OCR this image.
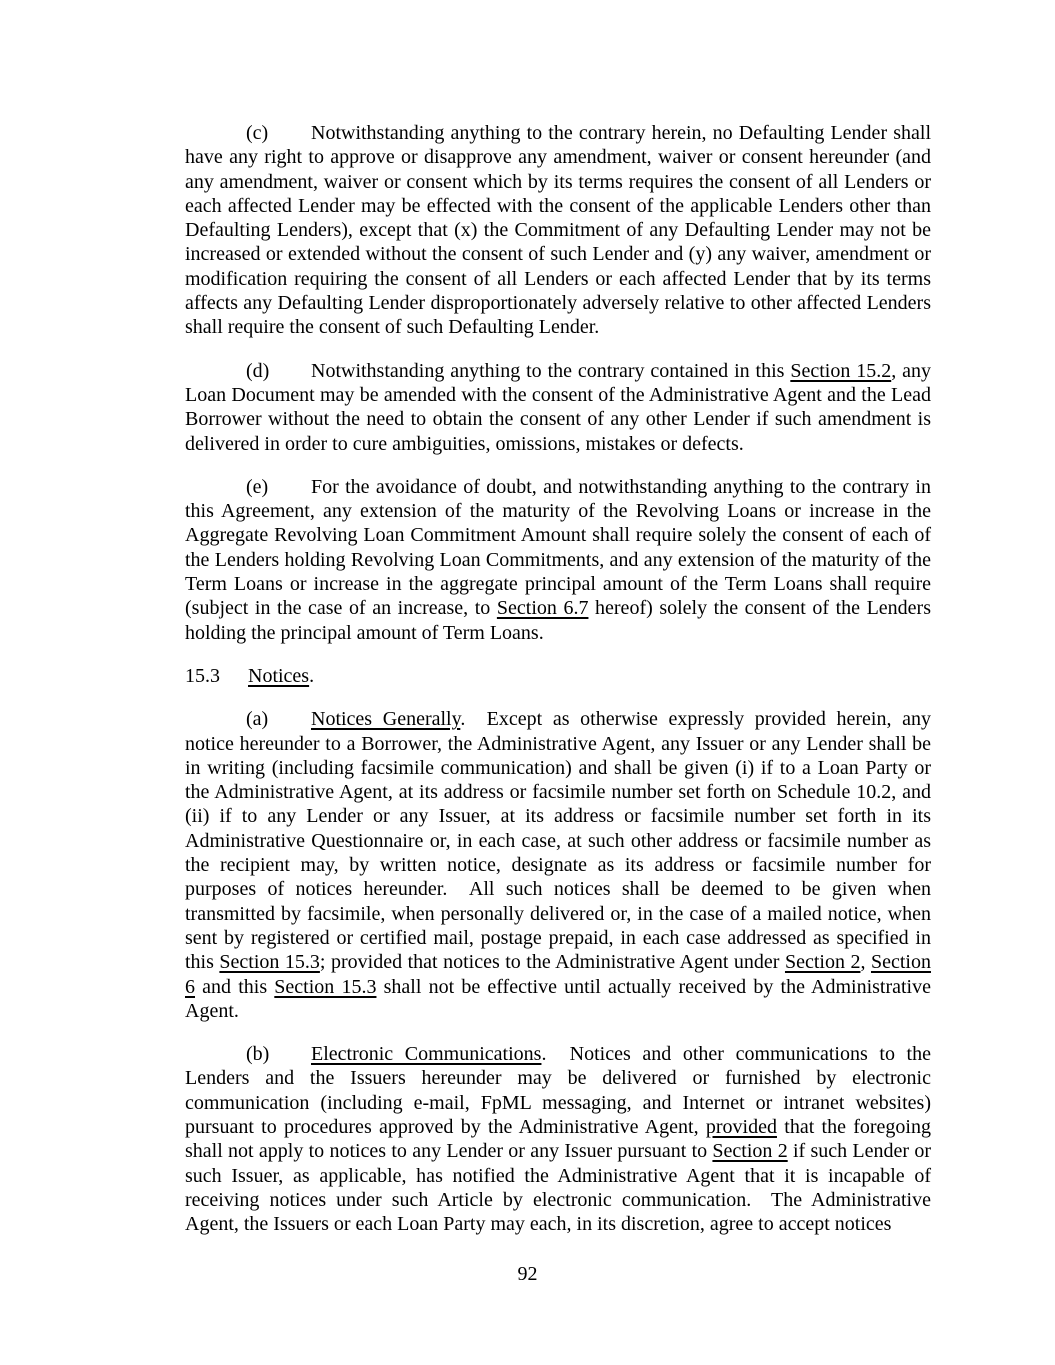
(c) Notwithstanding anything to the contrary herein, no Defaulting Lender shall have any right to approve or disapprove any amendment, waiver or consent hereunder (and any amendment, waiver or consent which by its terms requires the consent of all Lenders or each affected Lender may be effected with the consent of the applicable Lenders other than Defaulting Lenders), except that (x) the Commitment of any Defaulting Lender may not be increased or extended without the consent of such Lender and (y) any waiver, amendment or modification requiring the consent of all Lenders or each affected Lender that by its terms affects any Defaulting Lender disproportionately adversely relative to other affected Lenders shall require the consent of such Defaulting Lender.

(d) Notwithstanding anything to the contrary contained in this Section 15.2, any Loan Document may be amended with the consent of the Administrative Agent and the Lead Borrower without the need to obtain the consent of any other Lender if such amendment is delivered in order to cure ambiguities, omissions, mistakes or defects.

(e) For the avoidance of doubt, and notwithstanding anything to the contrary in this Agreement, any extension of the maturity of the Revolving Loans or increase in the Aggregate Revolving Loan Commitment Amount shall require solely the consent of each of the Lenders holding Revolving Loan Commitments, and any extension of the maturity of the Term Loans or increase in the aggregate principal amount of the Term Loans shall require (subject in the case of an increase, to Section 6.7 hereof) solely the consent of the Lenders holding the principal amount of Term Loans.

15.3 Notices.

(a) Notices Generally.  Except as otherwise expressly provided herein, any notice hereunder to a Borrower, the Administrative Agent, any Issuer or any Lender shall be in writing (including facsimile communication) and shall be given (i) if to a Loan Party or the Administrative Agent, at its address or facsimile number set forth on Schedule 10.2, and (ii) if to any Lender or any Issuer, at its address or facsimile number set forth in its Administrative Questionnaire or, in each case, at such other address or facsimile number as the recipient may, by written notice, designate as its address or facsimile number for purposes of notices hereunder.  All such notices shall be deemed to be given when transmitted by facsimile, when personally delivered or, in the case of a mailed notice, when sent by registered or certified mail, postage prepaid, in each case addressed as specified in this Section 15.3; provided that notices to the Administrative Agent under Section 2, Section 6 and this Section 15.3 shall not be effective until actually received by the Administrative Agent.

(b) Electronic Communications.  Notices and other communications to the Lenders and the Issuers hereunder may be delivered or furnished by electronic communication (including e-mail, FpML messaging, and Internet or intranet websites) pursuant to procedures approved by the Administrative Agent, provided that the foregoing shall not apply to notices to any Lender or any Issuer pursuant to Section 2 if such Lender or such Issuer, as applicable, has notified the Administrative Agent that it is incapable of receiving notices under such Article by electronic communication.  The Administrative Agent, the Issuers or each Loan Party may each, in its discretion, agree to accept notices

92
